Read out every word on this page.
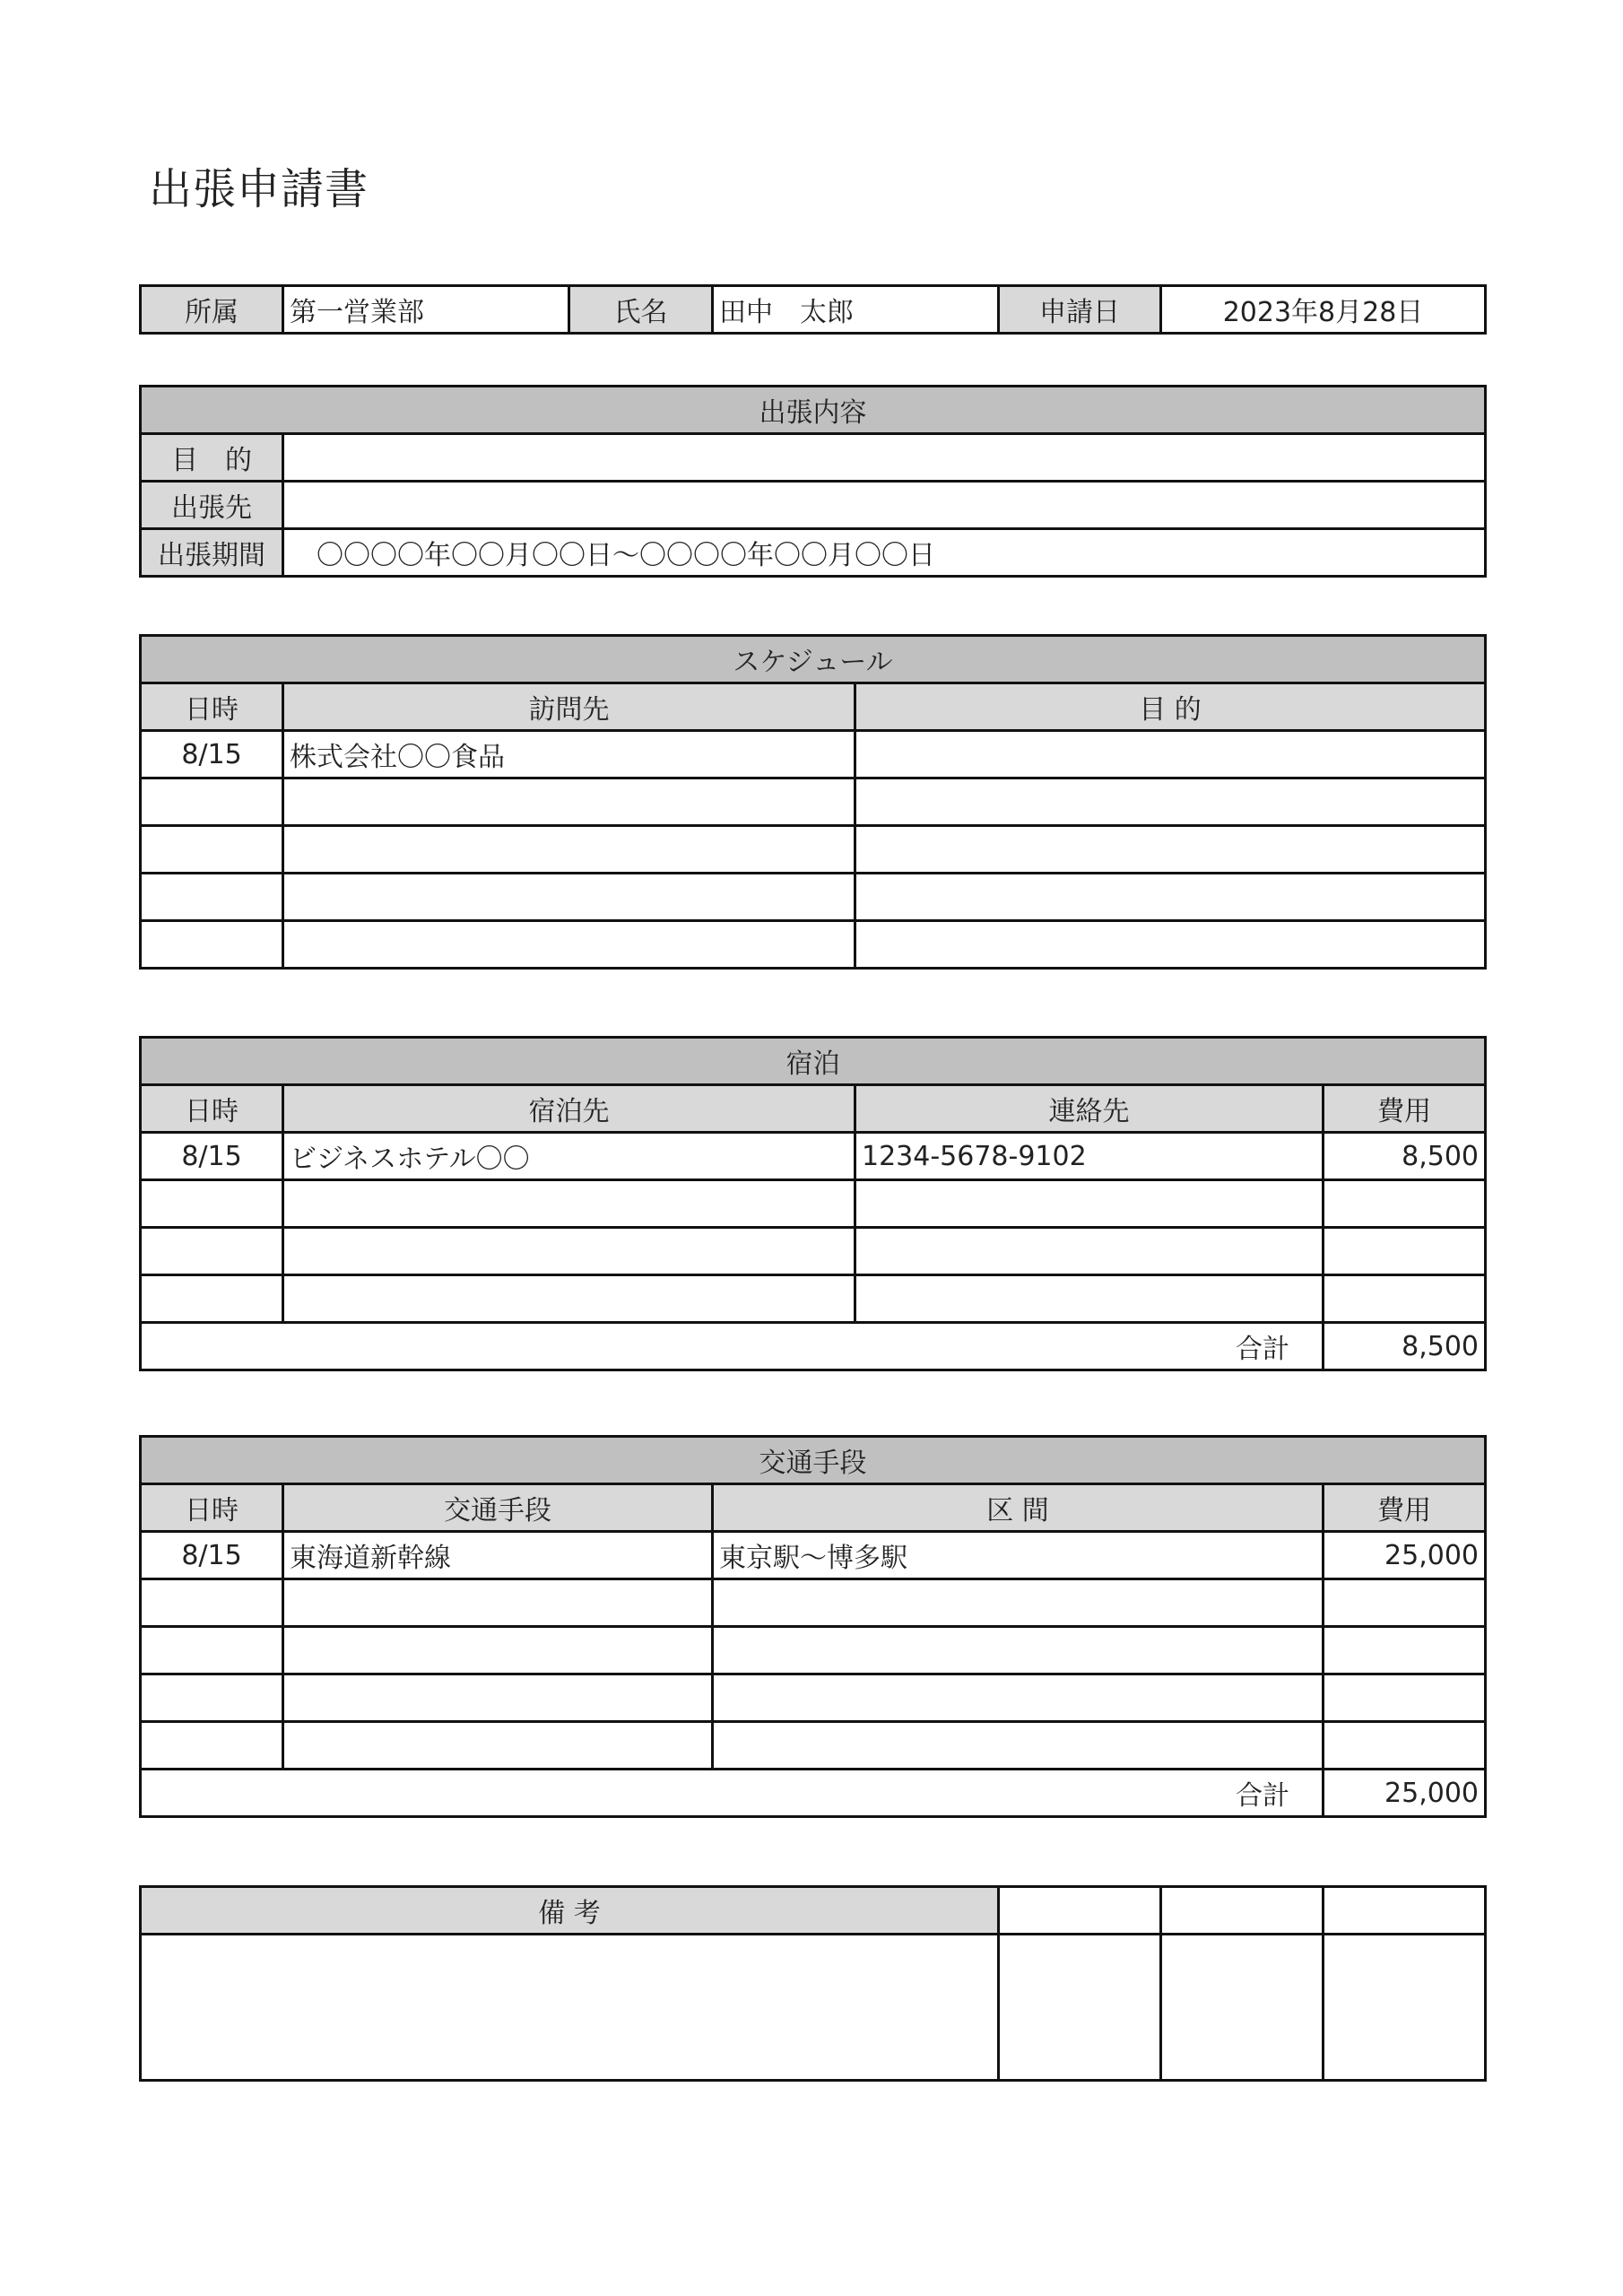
出張申請書
所属	第一営業部	氏名	田中　太郎	申請日	2023年8月28日
出張内容	
目　的	
出張先	
出張期間	　〇〇〇〇年〇〇月〇〇日～〇〇〇〇年〇〇月〇〇日
スケジュール		
日時	訪問先	目 的
8/15	株式会社〇〇食品	

宿泊			
日時	宿泊先	連絡先	費用
8/15	ビジネスホテル〇〇	1234-5678-9102	8,500

合計			8,500
交通手段			
日時	交通手段	区 間	費用
8/15	東海道新幹線	東京駅～博多駅	25,000

合計			25,000
備 考			
